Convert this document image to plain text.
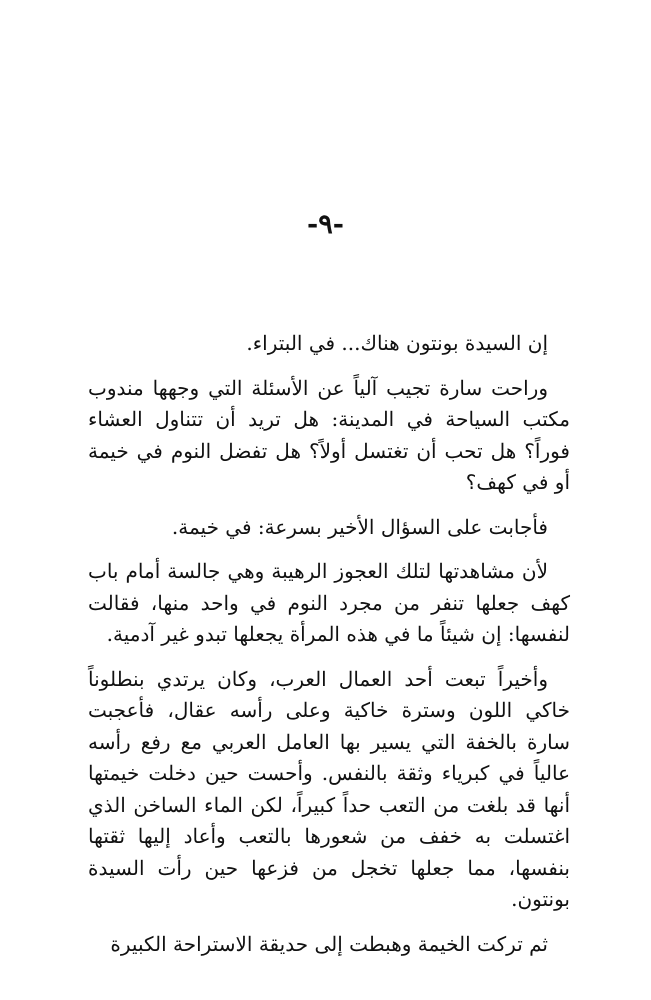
-٩-

إن السيدة بونتون هناك... في البتراء.

وراحت سارة تجيب آلياً عن الأسئلة التي وجهها مندوب مكتب السياحة في المدينة: هل تريد أن تتناول العشاء فوراً؟ هل تحب أن تغتسل أولاً؟ هل تفضل النوم في خيمة أو في كهف؟

فأجابت على السؤال الأخير بسرعة: في خيمة.

لأن مشاهدتها لتلك العجوز الرهيبة وهي جالسة أمام باب كهف جعلها تنفر من مجرد النوم في واحد منها، فقالت لنفسها: إن شيئاً ما في هذه المرأة يجعلها تبدو غير آدمية.

وأخيراً تبعت أحد العمال العرب، وكان يرتدي بنطلوناً خاكي اللون وسترة خاكية وعلى رأسه عقال، فأعجبت سارة بالخفة التي يسير بها العامل العربي مع رفع رأسه عالياً في كبرياء وثقة بالنفس. وأحست حين دخلت خيمتها أنها قد بلغت من التعب حداً كبيراً، لكن الماء الساخن الذي اغتسلت به خفف من شعورها بالتعب وأعاد إليها ثقتها بنفسها، مما جعلها تخجل من فزعها حين رأت السيدة بونتون.

ثم تركت الخيمة وهبطت إلى حديقة الاستراحة الكبيرة
